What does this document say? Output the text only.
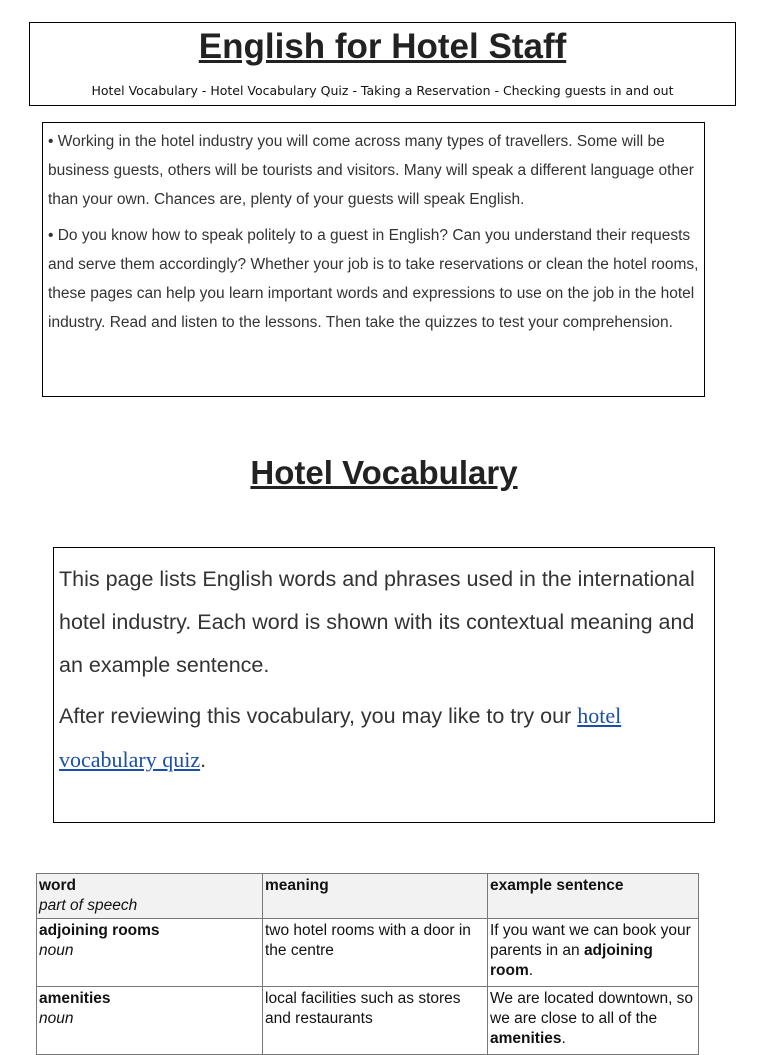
English for Hotel Staff
Hotel Vocabulary - Hotel Vocabulary Quiz - Taking a Reservation - Checking guests in and out

• Working in the hotel industry you will come across many types of travellers. Some will be business guests, others will be tourists and visitors. Many will speak a different language other than your own. Chances are, plenty of your guests will speak English.

• Do you know how to speak politely to a guest in English? Can you understand their requests and serve them accordingly? Whether your job is to take reservations or clean the hotel rooms, these pages can help you learn important words and expressions to use on the job in the hotel industry. Read and listen to the lessons. Then take the quizzes to test your comprehension.

Hotel Vocabulary

This page lists English words and phrases used in the international hotel industry. Each word is shown with its contextual meaning and an example sentence.

After reviewing this vocabulary, you may like to try our hotel vocabulary quiz.

word
part of speech	meaning	example sentence

adjoining rooms
noun	two hotel rooms with a door in the centre	If you want we can book your parents in an adjoining room.

amenities
noun	local facilities such as stores and restaurants	We are located downtown, so we are close to all of the amenities.
